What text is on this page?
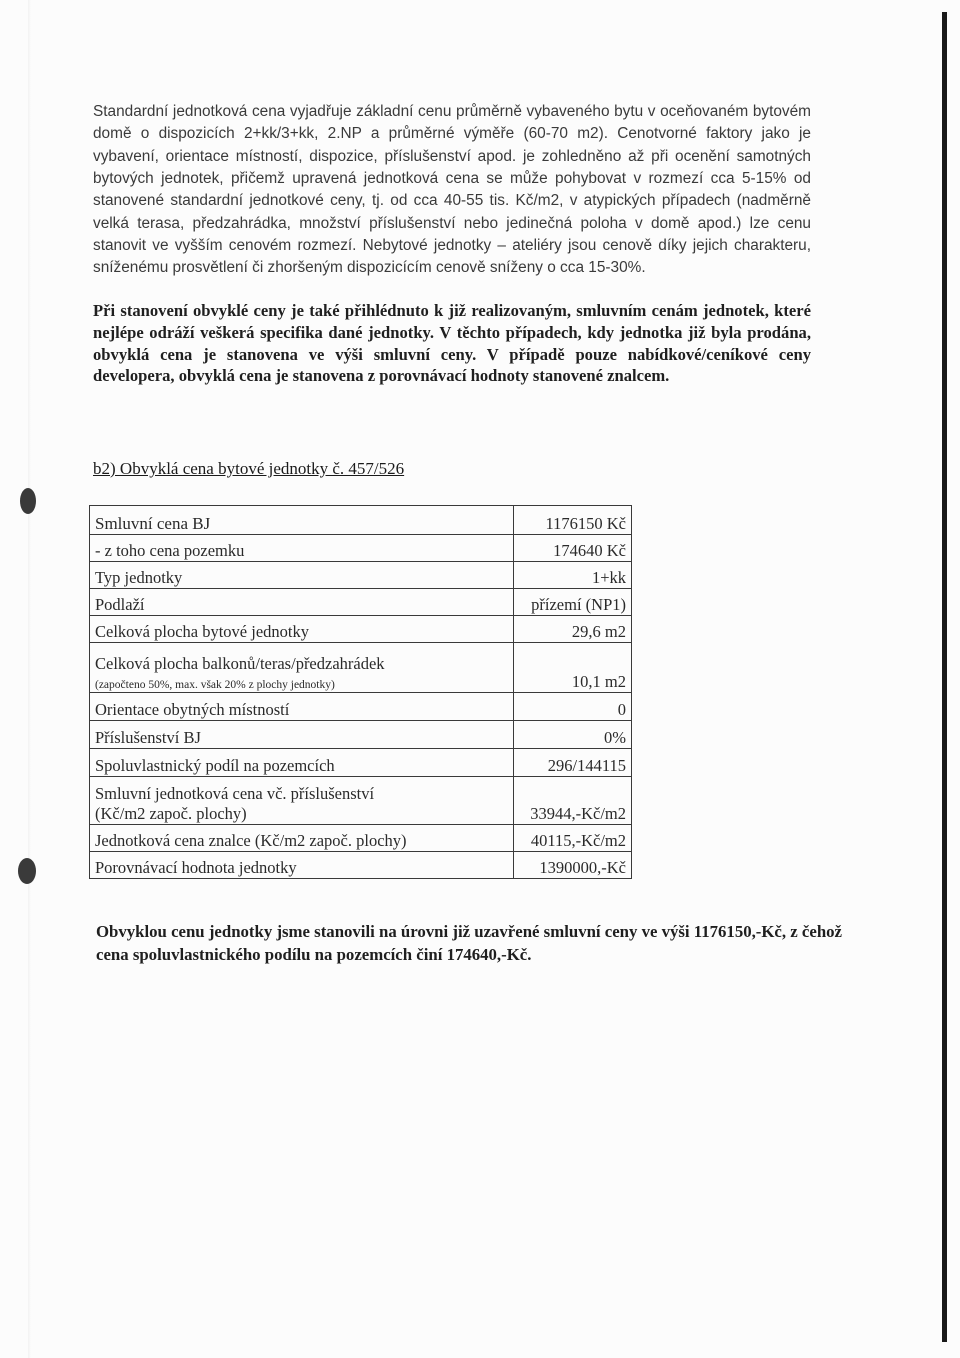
Standardní jednotková cena vyjadřuje základní cenu průměrně vybaveného bytu v oceňovaném bytovém domě o dispozicích 2+kk/3+kk, 2.NP a průměrné výměře (60-70 m2). Cenotvorné faktory jako je vybavení, orientace místností, dispozice, příslušenství apod. je zohledněno až při ocenění samotných bytových jednotek, přičemž upravená jednotková cena se může pohybovat v rozmezí cca 5-15% od stanovené standardní jednotkové ceny, tj. od cca 40-55 tis. Kč/m2, v atypických případech (nadměrně velká terasa, předzahrádka, množství příslušenství nebo jedinečná poloha v domě apod.) lze cenu stanovit ve vyšším cenovém rozmezí. Nebytové jednotky – ateliéry jsou cenově díky jejich charakteru, sníženému prosvětlení či zhoršeným dispozicícím cenově sníženy o cca 15-30%.

Při stanovení obvyklé ceny je také přihlédnuto k již realizovaným, smluvním cenám jednotek, které nejlépe odráží veškerá specifika dané jednotky. V těchto případech, kdy jednotka již byla prodána, obvyklá cena je stanovena ve výši smluvní ceny. V případě pouze nabídkové/ceníkové ceny developera, obvyklá cena je stanovena z porovnávací hodnoty stanovené znalcem.

b2) Obvyklá cena bytové jednotky č. 457/526

Smluvní cena BJ	1176150 Kč
- z toho cena pozemku	174640 Kč
Typ jednotky	1+kk
Podlaží	přízemí (NP1)
Celková plocha bytové jednotky	29,6 m2

Celková plocha balkonů/teras/předzahrádek
(započteno 50%, max. však 20% z plochy jednotky)	10,1 m2
Orientace obytných místností	0
Příslušenství BJ	0%
Spoluvlastnický podíl na pozemcích	296/144115

Smluvní jednotková cena vč. příslušenství
(Kč/m2 započ. plochy)	33944,-Kč/m2
Jednotková cena znalce (Kč/m2 započ. plochy)	40115,-Kč/m2
Porovnávací hodnota jednotky	1390000,-Kč

Obvyklou cenu jednotky jsme stanovili na úrovni již uzavřené smluvní ceny ve výši 1176150,-Kč, z čehož cena spoluvlastnického podílu na pozemcích činí 174640,-Kč.
